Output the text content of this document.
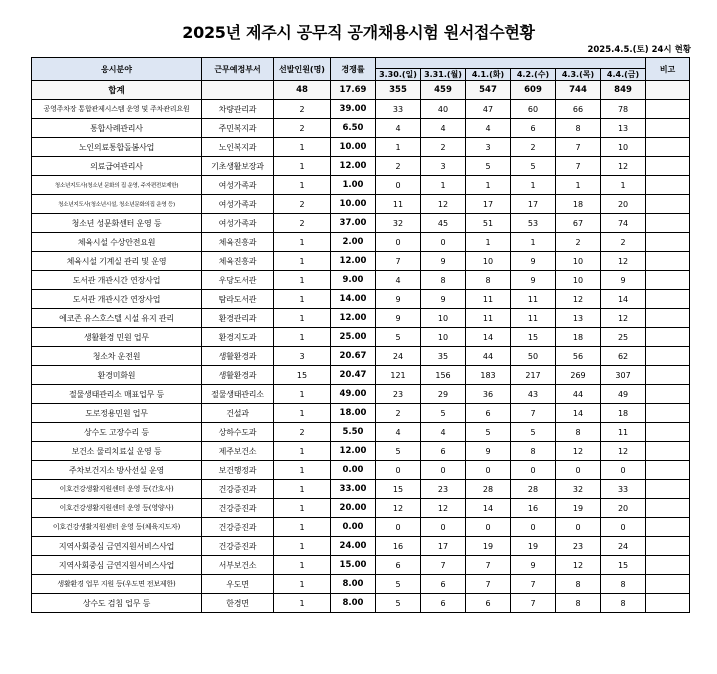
2025년 제주시 공무직 공개채용시험 원서접수현황
2025.4.5.(토) 24시 현황
응시분야	근무예정부서	선발인원(명)	경쟁률							비고
				3.30.(일)	3.31.(월)	4.1.(화)	4.2.(수)	4.3.(목)	4.4.(금)	
합계		48	17.69	355	459	547	609	744	849	
공영주차장 통합관제시스템 운영 및 주차관리요원	차량관리과	2	39.00	33	40	47	60	66	78	
통합사례관리사	주민복지과	2	6.50	4	4	4	6	8	13	
노인의료통합돌봄사업	노인복지과	1	10.00	1	2	3	2	7	10	
의료급여관리사	기초생활보장과	1	12.00	2	3	5	5	7	12	
청소년지도사(청소년 문화의 집 운영, 주자편전보제한)	여성가족과	1	1.00	0	1	1	1	1	1	
청소년지도사(청소년시설, 청소년문화의집 운영 등)	여성가족과	2	10.00	11	12	17	17	18	20	
청소년 성문화센터 운영 등	여성가족과	2	37.00	32	45	51	53	67	74	
체육시설 수상안전요원	체육진흥과	1	2.00	0	0	1	1	2	2	
체육시설 기계실 관리 및 운영	체육진흥과	1	12.00	7	9	10	9	10	12	
도서관 개관시간 연장사업	우당도서관	1	9.00	4	8	8	9	10	9	
도서관 개관시간 연장사업	탐라도서관	1	14.00	9	9	11	11	12	14	
에코존 유스호스텔 시설 유지 관리	환경관리과	1	12.00	9	10	11	11	13	12	
생활환경 민원 업무	환경지도과	1	25.00	5	10	14	15	18	25	
청소차 운전원	생활환경과	3	20.67	24	35	44	50	56	62	
환경미화원	생활환경과	15	20.47	121	156	183	217	269	307	
절물생태관리소 매표업무 등	절물생태관리소	1	49.00	23	29	36	43	44	49	
도로정용민원 업무	건설과	1	18.00	2	5	6	7	14	18	
상수도 고장수리 등	상하수도과	2	5.50	4	4	5	5	8	11	
보건소 물리치료실 운영 등	제주보건소	1	12.00	5	6	9	8	12	12	
주차보건지소 방사선실 운영	보건행정과	1	0.00	0	0	0	0	0	0	
이호건강생활지원센터 운영 등(간호사)	건강증진과	1	33.00	15	23	28	28	32	33	
이호건강생활지원센터 운영 등(영양사)	건강증진과	1	20.00	12	12	14	16	19	20	
이호건강생활지원센터 운영 등(체육지도자)	건강증진과	1	0.00	0	0	0	0	0	0	
지역사회중심 금연지원서비스사업	건강증진과	1	24.00	16	17	19	19	23	24	
지역사회중심 금연지원서비스사업	서부보건소	1	15.00	6	7	7	9	12	15	
생활환경 업무 지원 등(우도면 전보제한)	우도면	1	8.00	5	6	7	7	8	8	
상수도 검침 업무 등	한경면	1	8.00	5	6	6	7	8	8	
